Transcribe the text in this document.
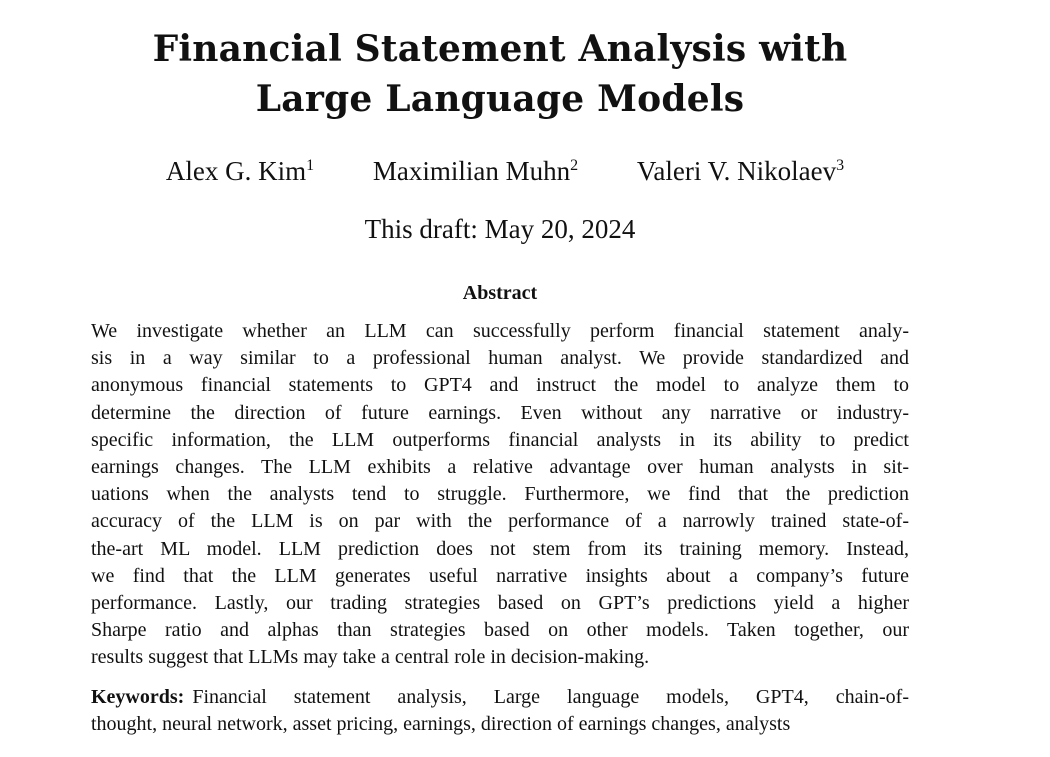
Financial Statement Analysis with
Large Language Models
Alex G. Kim$^1$ Maximilian Muhn$^2$ Valeri V. Nikolaev$^3$
This draft: May 20, 2024
Abstract
We investigate whether an LLM can successfully perform financial statement analy-
sis in a way similar to a professional human analyst. We provide standardized and
anonymous financial statements to GPT4 and instruct the model to analyze them to
determine the direction of future earnings. Even without any narrative or industry-
specific information, the LLM outperforms financial analysts in its ability to predict
earnings changes. The LLM exhibits a relative advantage over human analysts in sit-
uations when the analysts tend to struggle. Furthermore, we find that the prediction
accuracy of the LLM is on par with the performance of a narrowly trained state-of-
the-art ML model. LLM prediction does not stem from its training memory. Instead,
we find that the LLM generates useful narrative insights about a company’s future
performance. Lastly, our trading strategies based on GPT’s predictions yield a higher
Sharpe ratio and alphas than strategies based on other models. Taken together, our
results suggest that LLMs may take a central role in decision-making.
Keywords: Financial statement analysis, Large language models, GPT4, chain-of-
thought, neural network, asset pricing, earnings, direction of earnings changes, analysts
